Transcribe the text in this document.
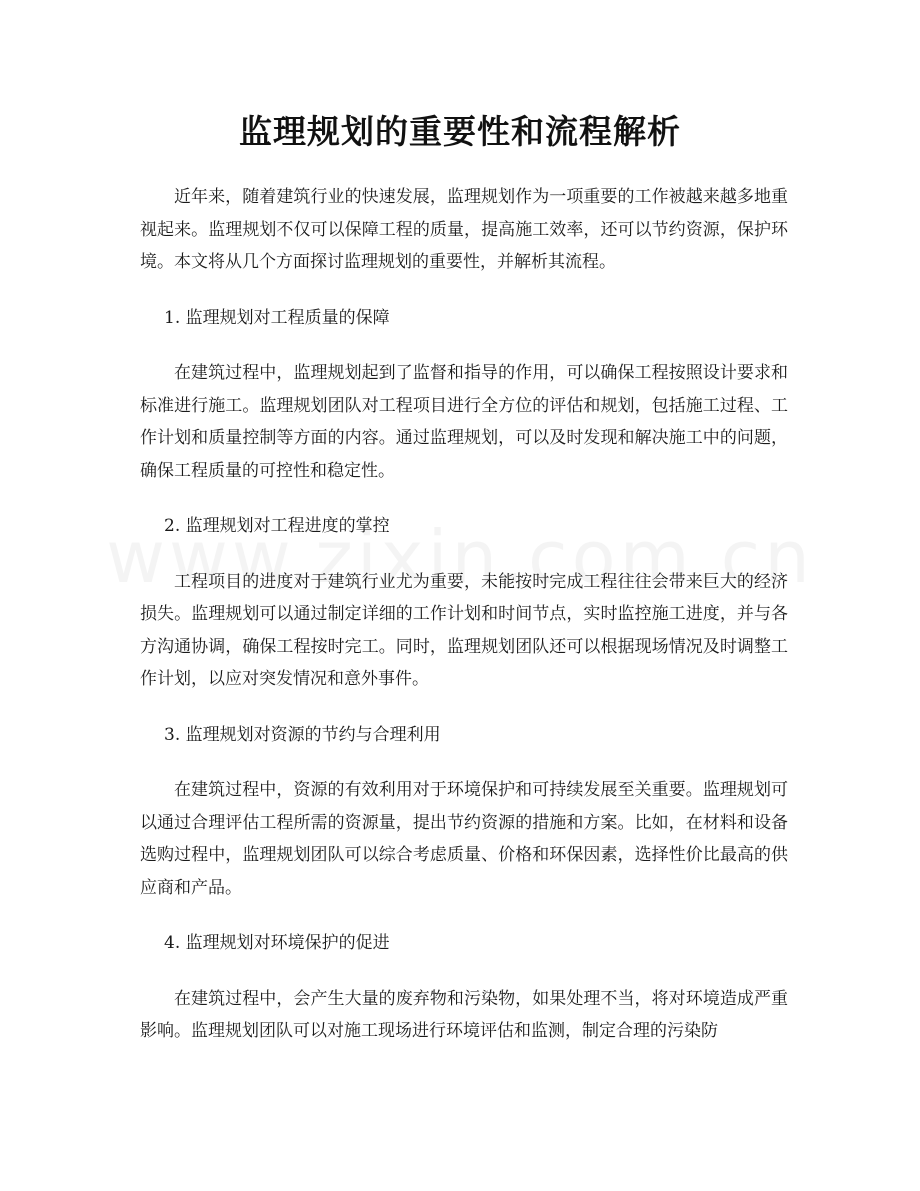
监理规划的重要性和流程解析

近年来，随着建筑行业的快速发展，监理规划作为一项重要的工作被越来越多地重视起来。监理规划不仅可以保障工程的质量，提高施工效率，还可以节约资源，保护环境。本文将从几个方面探讨监理规划的重要性，并解析其流程。

1. 监理规划对工程质量的保障

在建筑过程中，监理规划起到了监督和指导的作用，可以确保工程按照设计要求和标准进行施工。监理规划团队对工程项目进行全方位的评估和规划，包括施工过程、工作计划和质量控制等方面的内容。通过监理规划，可以及时发现和解决施工中的问题，确保工程质量的可控性和稳定性。

2. 监理规划对工程进度的掌控

工程项目的进度对于建筑行业尤为重要，未能按时完成工程往往会带来巨大的经济损失。监理规划可以通过制定详细的工作计划和时间节点，实时监控施工进度，并与各方沟通协调，确保工程按时完工。同时，监理规划团队还可以根据现场情况及时调整工作计划，以应对突发情况和意外事件。

3. 监理规划对资源的节约与合理利用

在建筑过程中，资源的有效利用对于环境保护和可持续发展至关重要。监理规划可以通过合理评估工程所需的资源量，提出节约资源的措施和方案。比如，在材料和设备选购过程中，监理规划团队可以综合考虑质量、价格和环保因素，选择性价比最高的供应商和产品。

4. 监理规划对环境保护的促进

在建筑过程中，会产生大量的废弃物和污染物，如果处理不当，将对环境造成严重影响。监理规划团队可以对施工现场进行环境评估和监测，制定合理的污染防
